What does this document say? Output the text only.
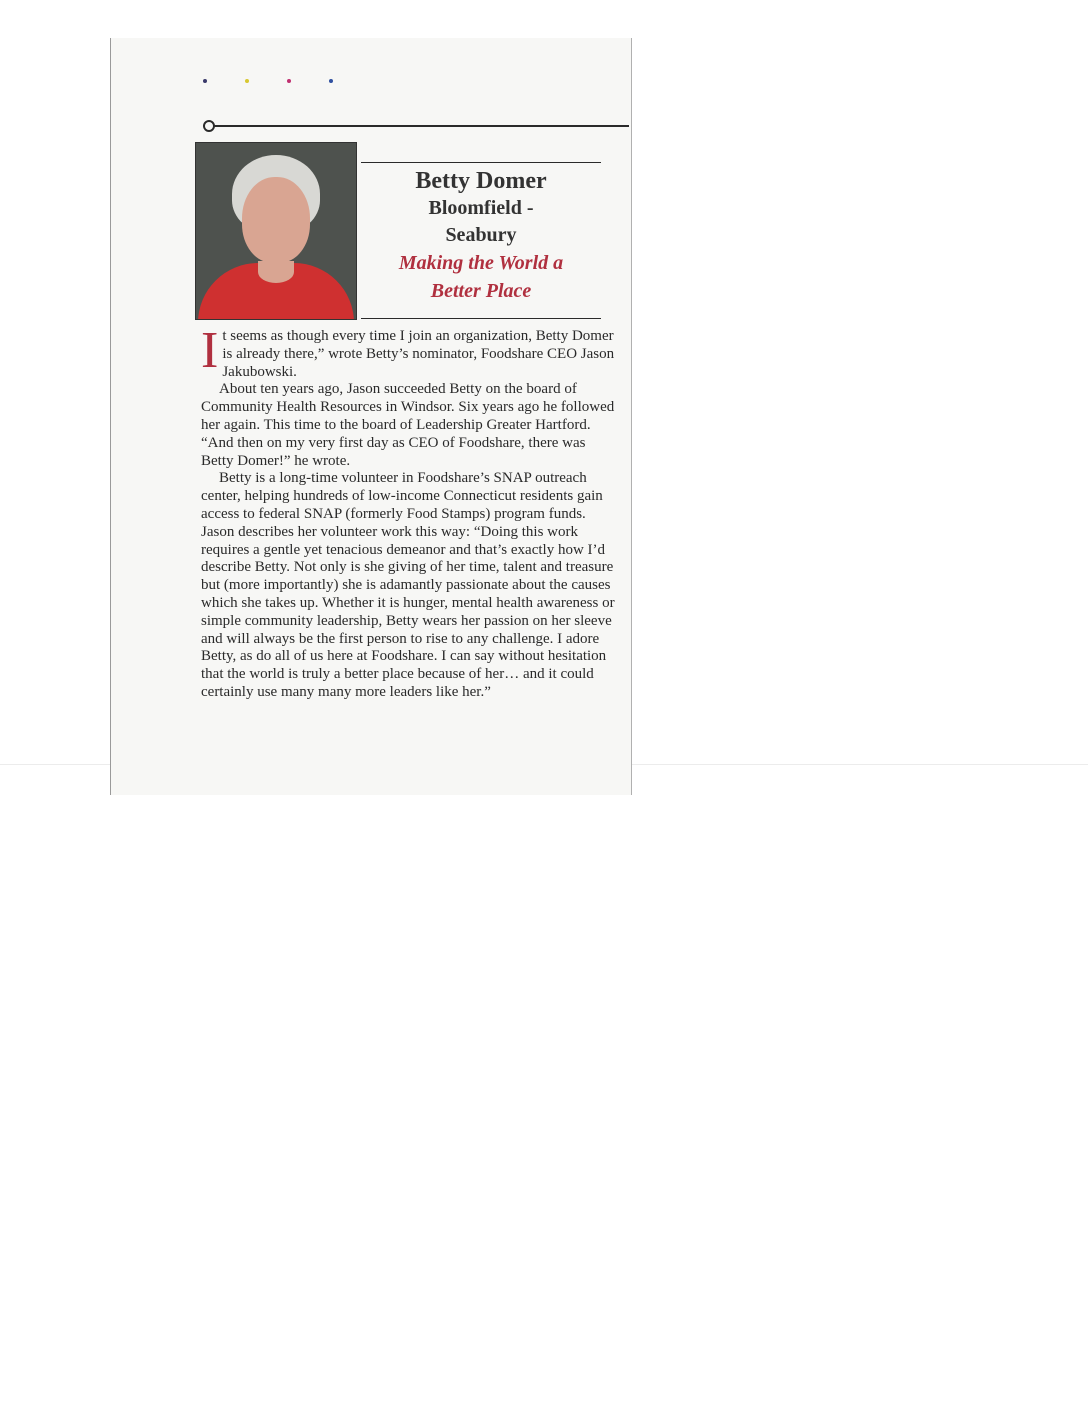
Betty Domer
Bloomfield -
Seabury
Making the World a
Better Place

It seems as though every time I join an organization, Betty Domer is already there,” wrote Betty’s nominator, Foodshare CEO Jason Jakubowski.

About ten years ago, Jason succeeded Betty on the board of Community Health Resources in Windsor. Six years ago he followed her again. This time to the board of Leadership Greater Hartford. “And then on my very first day as CEO of Foodshare, there was Betty Domer!” he wrote.

Betty is a long-time volunteer in Foodshare’s SNAP outreach center, helping hundreds of low-income Connecticut residents gain access to federal SNAP (formerly Food Stamps) program funds. Jason describes her volunteer work this way: “Doing this work requires a gentle yet tenacious demeanor and that’s exactly how I’d describe Betty. Not only is she giving of her time, talent and treasure but (more importantly) she is adamantly passionate about the causes which she takes up. Whether it is hunger, mental health awareness or simple community leadership, Betty wears her passion on her sleeve and will always be the first person to rise to any challenge. I adore Betty, as do all of us here at Foodshare. I can say without hesitation that the world is truly a better place because of her… and it could certainly use many many more leaders like her.”
